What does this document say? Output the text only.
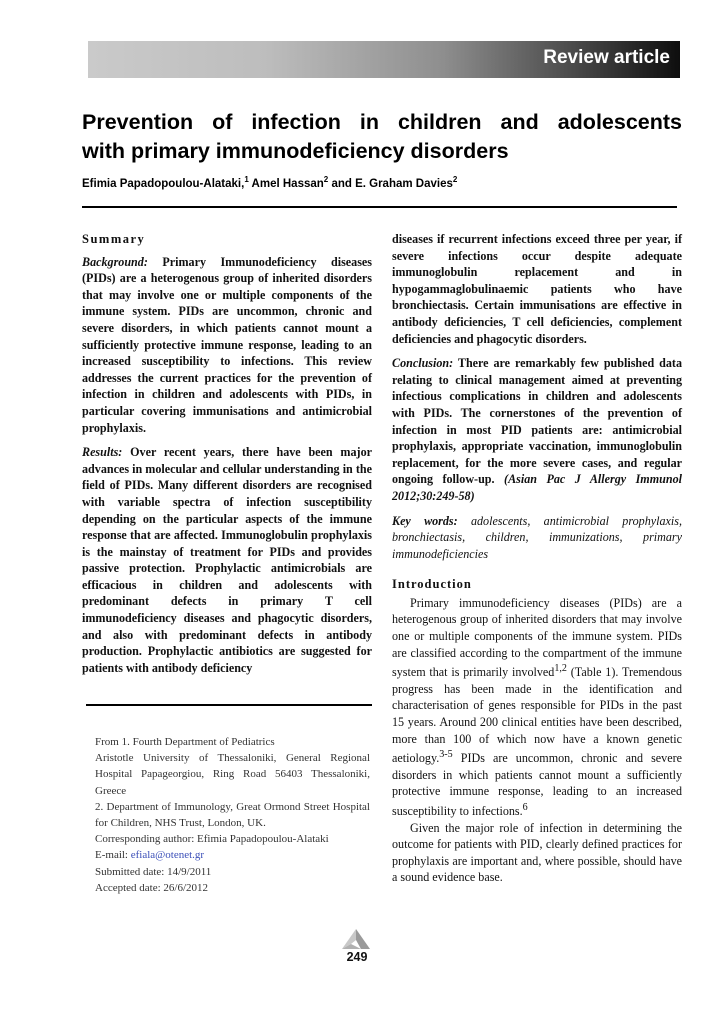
Review article
Prevention of infection in children and adolescents
with primary immunodeficiency disorders
Efimia Papadopoulou-Alataki,$^1$ Amel Hassan$^2$ and E. Graham Davies$^2$
Summary

Background: Primary Immunodeficiency diseases (PIDs) are a heterogenous group of inherited disorders that may involve one or multiple components of the immune system. PIDs are uncommon, chronic and severe disorders, in which patients cannot mount a sufficiently protective immune response, leading to an increased susceptibility to infections. This review addresses the current practices for the prevention of infection in children and adolescents with PIDs, in particular covering immunisations and antimicrobial prophylaxis.

Results: Over recent years, there have been major advances in molecular and cellular understanding in the field of PIDs. Many different disorders are recognised with variable spectra of infection susceptibility depending on the particular aspects of the immune response that are affected. Immunoglobulin prophylaxis is the mainstay of treatment for PIDs and provides passive protection. Prophylactic antimicrobials are efficacious in children and adolescents with predominant defects in primary T cell immunodeficiency diseases and phagocytic disorders, and also with predominant defects in antibody production. Prophylactic antibiotics are suggested for patients with antibody deficiency

diseases if recurrent infections exceed three per year, if severe infections occur despite adequate immunoglobulin replacement and in hypogammaglobulinaemic patients who have bronchiectasis. Certain immunisations are effective in antibody deficiencies, T cell deficiencies, complement deficiencies and phagocytic disorders.

Conclusion: There are remarkably few published data relating to clinical management aimed at preventing infectious complications in children and adolescents with PIDs. The cornerstones of the prevention of infection in most PID patients are: antimicrobial prophylaxis, appropriate vaccination, immunoglobulin replacement, for the more severe cases, and regular ongoing follow-up. (Asian Pac J Allergy Immunol 2012;30:249-58)

Key words: adolescents, antimicrobial prophylaxis, bronchiectasis, children, immunizations, primary immunodeficiencies

Introduction

Primary immunodeficiency diseases (PIDs) are a heterogenous group of inherited disorders that may involve one or multiple components of the immune system. PIDs are classified according to the compartment of the immune system that is primarily involved$^{1,2}$ (Table 1). Tremendous progress has been made in the identification and characterisation of genes responsible for PIDs in the past 15 years. Around 200 clinical entities have been described, more than 100 of which now have a known genetic aetiology.$^{3-5}$ PIDs are uncommon, chronic and severe disorders in which patients cannot mount a sufficiently protective immune response, leading to an increased susceptibility to infections.$^6$

Given the major role of infection in determining the outcome for patients with PID, clearly defined practices for prophylaxis are important and, where possible, should have a sound evidence base.

From 1. Fourth Department of Pediatrics
Aristotle University of Thessaloniki, General Regional Hospital Papageorgiou, Ring Road 56403 Thessaloniki, Greece
2. Department of Immunology, Great Ormond Street Hospital for Children, NHS Trust, London, UK.
Corresponding author: Efimia Papadopoulou-Alataki
E-mail: efiala@otenet.gr
Submitted date: 14/9/2011
Accepted date: 26/6/2012
249
